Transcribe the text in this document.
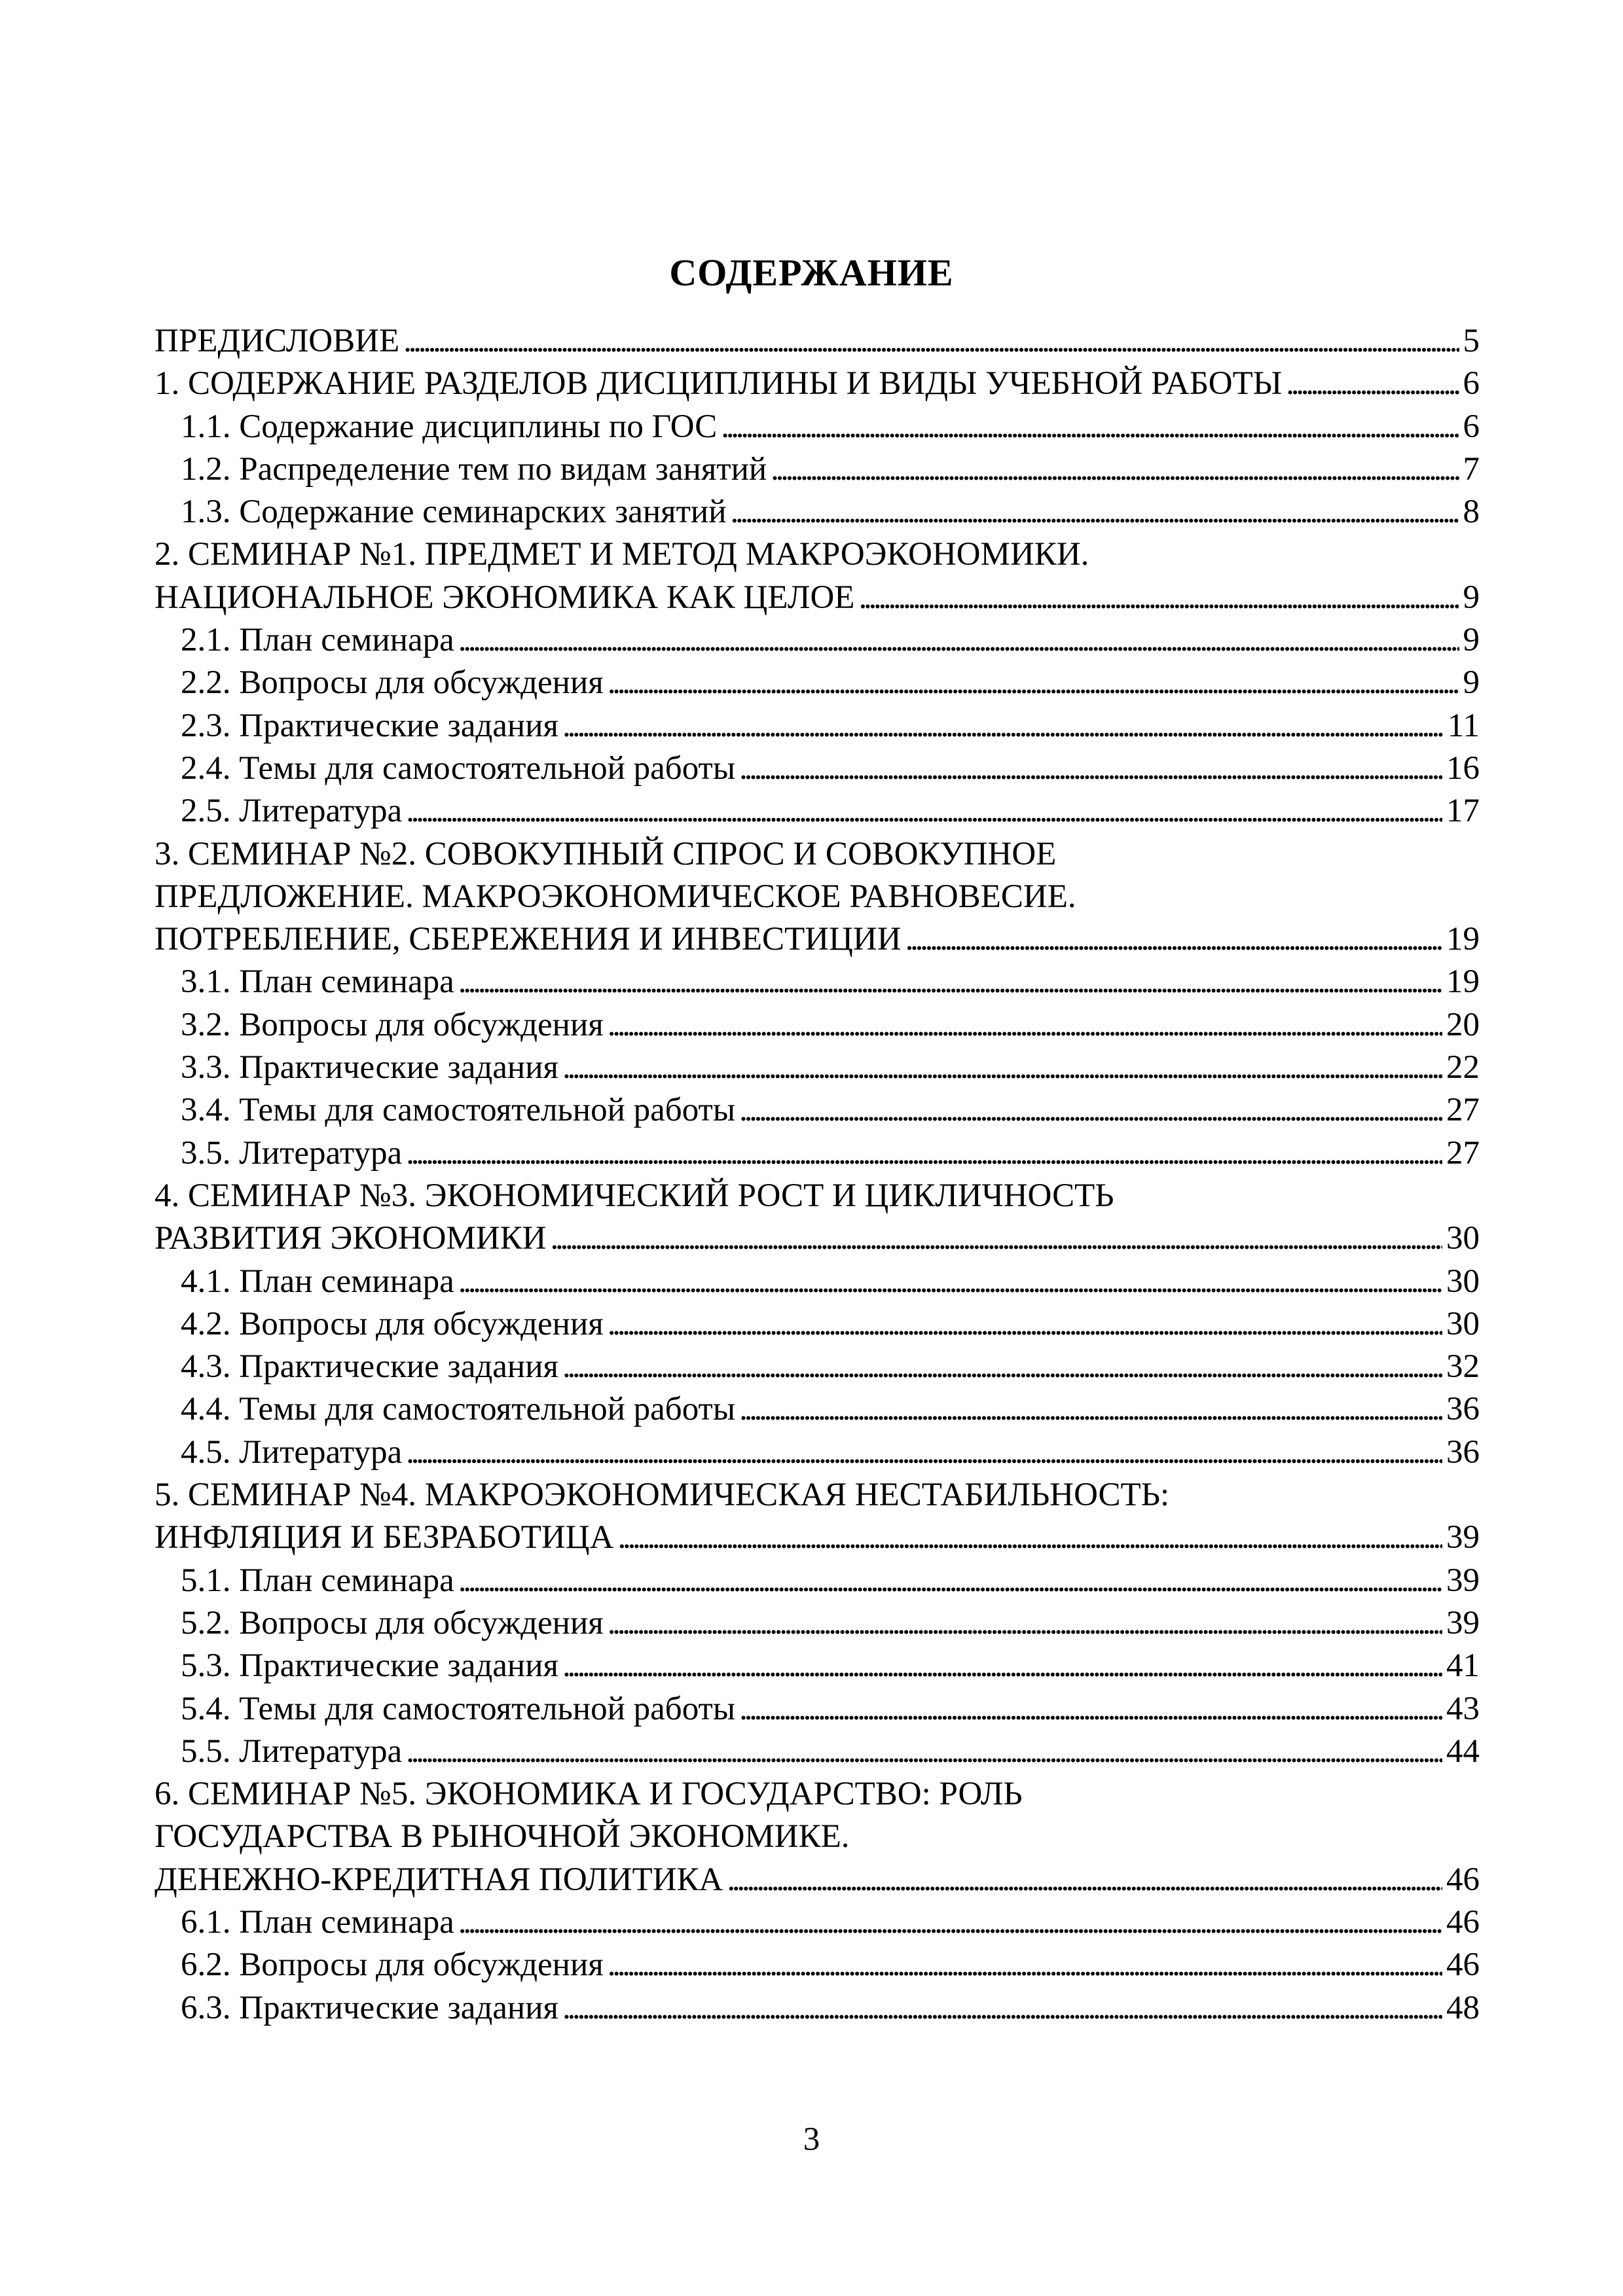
СОДЕРЖАНИЕ
ПРЕДИСЛОВИЕ . . .	5
1. СОДЕРЖАНИЕ РАЗДЕЛОВ ДИСЦИПЛИНЫ И ВИДЫ УЧЕБНОЙ РАБОТЫ . . .	6
1.1. Содержание дисциплины по ГОС . . .	6
1.2. Распределение тем по видам занятий . . .	7
1.3. Содержание семинарских занятий . . .	8
2. СЕМИНАР №1. ПРЕДМЕТ И МЕТОД МАКРОЭКОНОМИКИ.
НАЦИОНАЛЬНОЕ ЭКОНОМИКА КАК ЦЕЛОЕ . . .	9
2.1. План семинара . . .	9
2.2. Вопросы для обсуждения . . .	9
2.3. Практические задания . . .	11
2.4. Темы для самостоятельной работы . . .	16
2.5. Литература . . .	17
3. СЕМИНАР №2. СОВОКУПНЫЙ СПРОС И СОВОКУПНОЕ
ПРЕДЛОЖЕНИЕ. МАКРОЭКОНОМИЧЕСКОЕ РАВНОВЕСИЕ.
ПОТРЕБЛЕНИЕ, СБЕРЕЖЕНИЯ И ИНВЕСТИЦИИ . . .	19
3.1. План семинара . . .	19
3.2. Вопросы для обсуждения . . .	20
3.3. Практические задания . . .	22
3.4. Темы для самостоятельной работы . . .	27
3.5. Литература . . .	27
4. СЕМИНАР №3. ЭКОНОМИЧЕСКИЙ РОСТ И ЦИКЛИЧНОСТЬ
РАЗВИТИЯ ЭКОНОМИКИ . . .	30
4.1. План семинара . . .	30
4.2. Вопросы для обсуждения . . .	30
4.3. Практические задания . . .	32
4.4. Темы для самостоятельной работы . . .	36
4.5. Литература . . .	36
5. СЕМИНАР №4. МАКРОЭКОНОМИЧЕСКАЯ НЕСТАБИЛЬНОСТЬ:
ИНФЛЯЦИЯ И БЕЗРАБОТИЦА . . .	39
5.1. План семинара . . .	39
5.2. Вопросы для обсуждения . . .	39
5.3. Практические задания . . .	41
5.4. Темы для самостоятельной работы . . .	43
5.5. Литература . . .	44
6. СЕМИНАР №5. ЭКОНОМИКА И ГОСУДАРСТВО: РОЛЬ
ГОСУДАРСТВА В РЫНОЧНОЙ ЭКОНОМИКЕ.
ДЕНЕЖНО-КРЕДИТНАЯ ПОЛИТИКА . . .	46
6.1. План семинара . . .	46
6.2. Вопросы для обсуждения . . .	46
6.3. Практические задания . . .	48
3
